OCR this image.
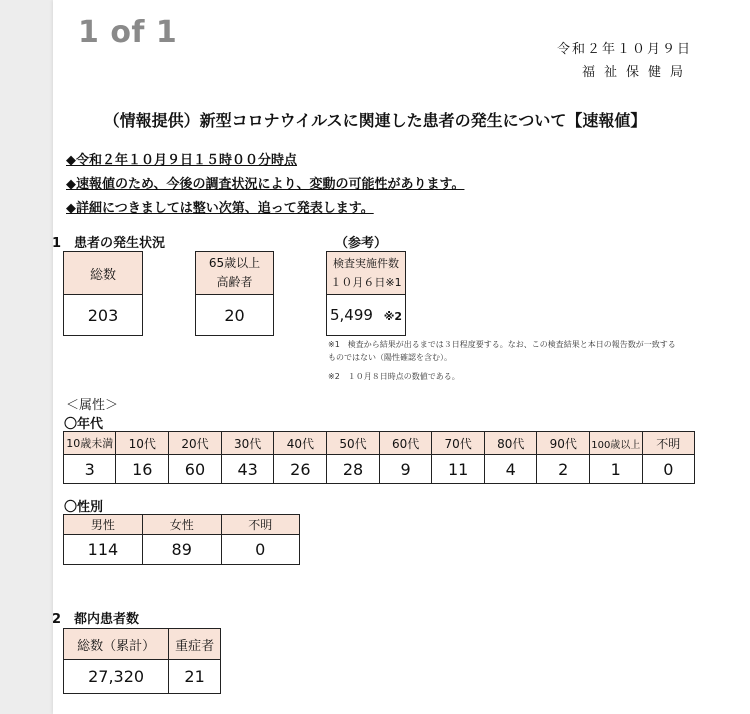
1 of 1	令和２年１０月９日
福祉保健局
（情報提供）新型コロナウイルスに関連した患者の発生について【速報値】
◆令和２年１０月９日１５時００分時点
◆速報値のため、今後の調査状況により、変動の可能性があります。
◆詳細につきましては整い次第、追って発表します。
1　患者の発生状況	（参考）
総数
203
65歳以上
高齢者

20
検査実施件数
１０月６日※1

5,499 ※2
※1　検査から結果が出るまでは３日程度要する。なお、この検査結果と本日の報告数が一致する
ものではない（陽性確認を含む）。
※2　１０月８日時点の数値である。
＜属性＞
〇年代
10歳未満	10代	20代	30代	40代	50代	60代	70代	80代	90代	100歳以上	不明
3	16	60	43	26	28	9	11	4	2	1	0
〇性別
男性	女性	不明
114	89	0
2　都内患者数
総数（累計）	重症者
27,320	21
